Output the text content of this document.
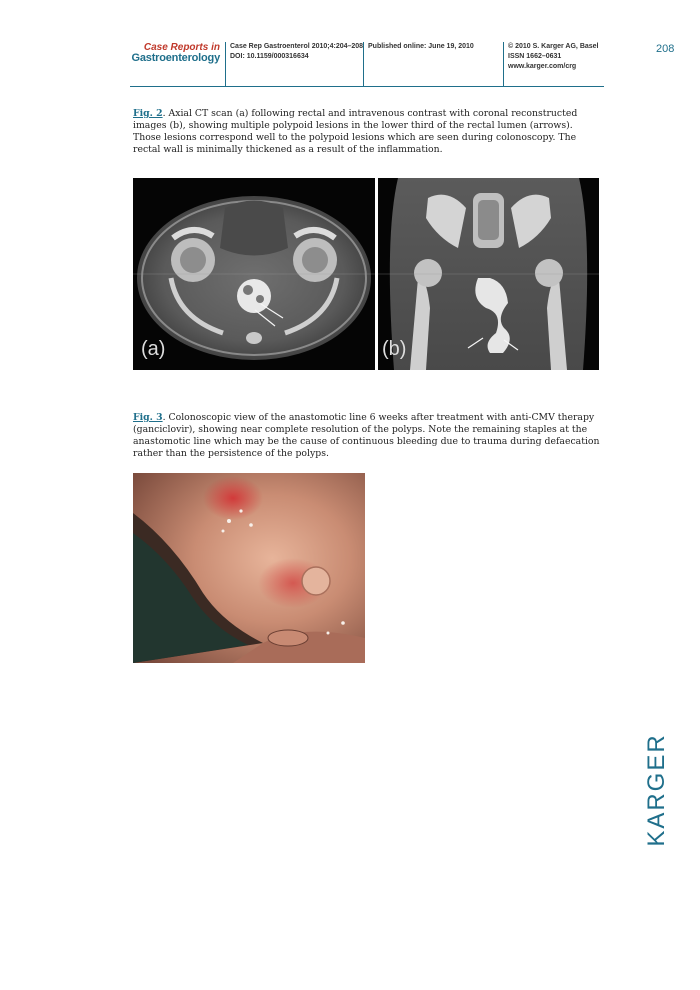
Case Reports in
Gastroenterology
Case Rep Gastroenterol 2010;4:204–208
DOI: 10.1159/000316634
Published online: June 19, 2010	© 2010 S. Karger AG, Basel
ISSN 1662–0631
www.karger.com/crg
208
Fig. 2. Axial CT scan (a) following rectal and intravenous contrast with coronal reconstructed images (b), showing multiple polypoid lesions in the lower third of the rectal lumen (arrows). Those lesions correspond well to the polypoid lesions which are seen during colonoscopy. The rectal wall is minimally thickened as a result of the inflammation.
(a)	(b)
Fig. 3. Colonoscopic view of the anastomotic line 6 weeks after treatment with anti-CMV therapy (ganciclovir), showing near complete resolution of the polyps. Note the remaining staples at the anastomotic line which may be the cause of continuous bleeding due to trauma during defaecation rather than the persistence of the polyps.
KARGER
